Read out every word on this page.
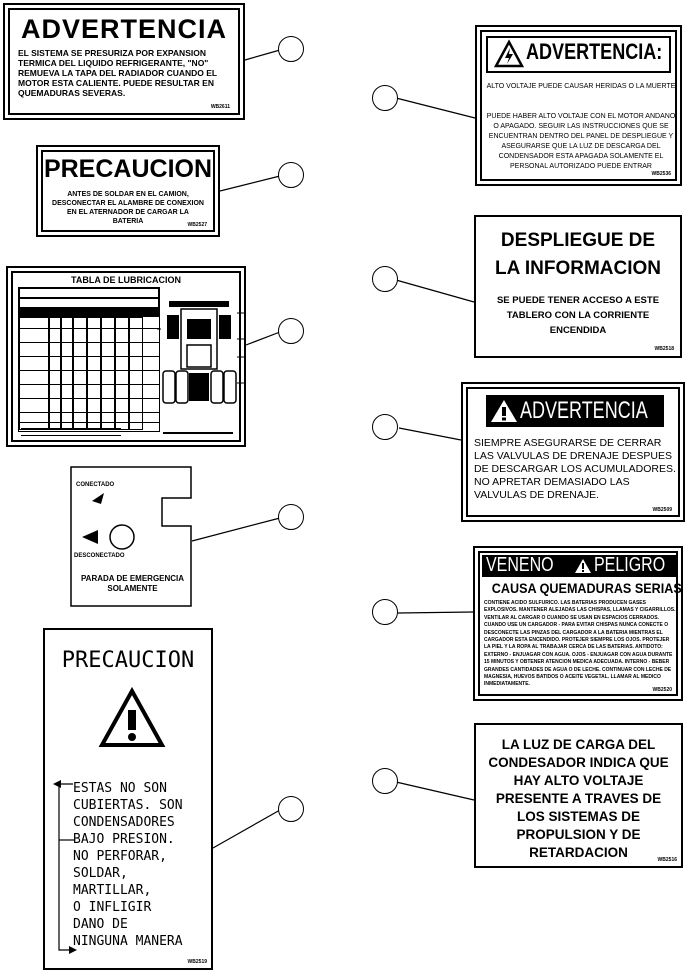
ADVERTENCIA
EL SISTEMA SE PRESURIZA POR EXPANSION TERMICA DEL LIQUIDO REFRIGERANTE, "NO" REMUEVA LA TAPA DEL RADIADOR CUANDO EL MOTOR ESTA CALIENTE. PUEDE RESULTAR EN QUEMADURAS SEVERAS.
WB2611
PRECAUCION
ANTES DE SOLDAR EN EL CAMION, DESCONECTAR EL ALAMBRE DE CONEXION EN EL ATERNADOR DE CARGAR LA BATERIA	WB2527
TABLA DE LUBRICACION
CONECTADO
DESCONECTADO
PARADA DE EMERGENCIA SOLAMENTE
PRECAUCION
ESTAS NO SON
CUBIERTAS. SON
CONDENSADORES
BAJO PRESION.
NO PERFORAR,
SOLDAR,
MARTILLAR,
O INFLIGIR
DANO DE
NINGUNA MANERA
WB2519
ADVERTENCIA:
ALTO VOLTAJE PUEDE CAUSAR HERIDAS O LA MUERTE
PUEDE HABER ALTO VOLTAJE CON EL MOTOR ANDANO O APAGADO. SEGUIR LAS INSTRUCCIONES QUE SE ENCUENTRAN DENTRO DEL PANEL DE DESPLIEGUE Y ASEGURARSE QUE LA LUZ DE DESCARGA DEL CONDENSADOR ESTA APAGADA SOLAMENTE EL PERSONAL AUTORIZADO PUEDE ENTRAR
WB2536
DESPLIEGUE DE LA INFORMACION
SE PUEDE TENER ACCESO A ESTE TABLERO CON LA CORRIENTE ENCENDIDA
WB2518
ADVERTENCIA
SIEMPRE ASEGURARSE DE CERRAR LAS VALVULAS DE DRENAJE DESPUES DE DESCARGAR LOS ACUMULADORES. NO APRETAR DEMASIADO LAS VALVULAS DE DRENAJE.
WB2509
VENENO PELIGRO
CAUSA QUEMADURAS SERIAS
CONTIENE ACIDO SULFURICO. LAS BATERIAS PRODUCEN GASES EXPLOSIVOS. MANTENER ALEJADAS LAS CHISPAS, LLAMAS Y CIGARRILLOS. VENTILAR AL CARGAR O CUANDO SE USAN EN ESPACIOS CERRADOS. CUANDO USE UN CARGADOR - PARA EVITAR CHISPAS NUNCA CONECTE O DESCONECTE LAS PINZAS DEL CARGADOR A LA BATERIA MIENTRAS EL CARGADOR ESTA ENCENDIDO. PROTEJER SIEMPRE LOS OJOS. PROTEJER LA PIEL Y LA ROPA AL TRABAJAR CERCA DE LAS BATERIAS. ANTIDOTO: EXTERNO - ENJUAGAR CON AGUA. OJOS - ENJUAGAR CON AGUA DURANTE 15 MINUTOS Y OBTENER ATENCION MEDICA ADECUADA. INTERNO - BEBER GRANDES CANTIDADES DE AGUA O DE LECHE. CONTINUAR CON LECHE DE MAGNESIA, HUEVOS BATIDOS O ACEITE VEGETAL. LLAMAR AL MEDICO INMEDIATAMENTE.
WB2520
LA LUZ DE CARGA DEL CONDESADOR INDICA QUE HAY ALTO VOLTAJE PRESENTE A TRAVES DE LOS SISTEMAS DE PROPULSION Y DE RETARDACION	WB2516
